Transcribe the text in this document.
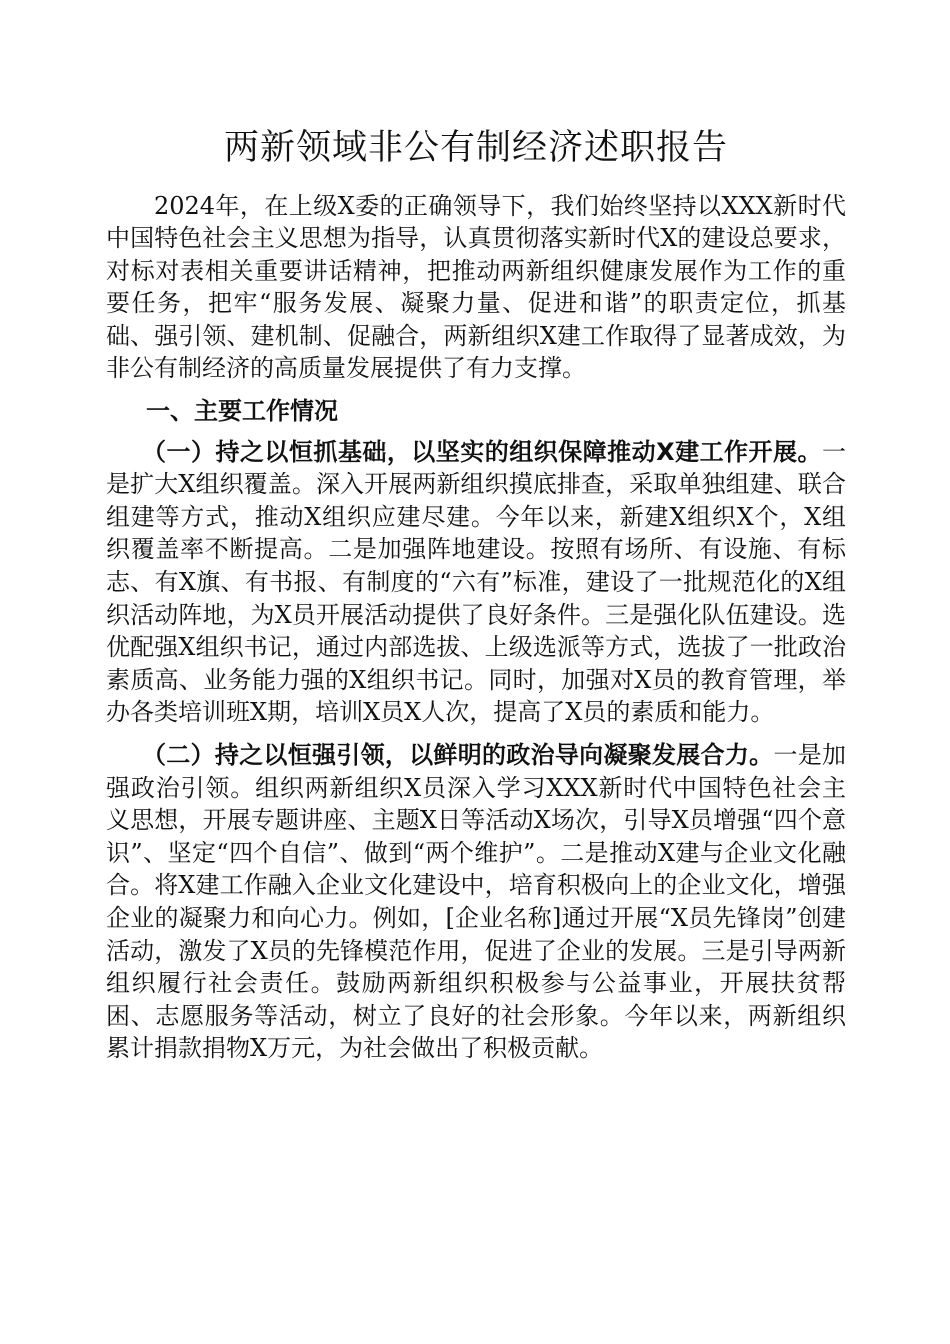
两新领域非公有制经济述职报告

2024年，在上级X委的正确领导下，我们始终坚持以XXX新时代中国特色社会主义思想为指导，认真贯彻落实新时代X的建设总要求，对标对表相关重要讲话精神，把推动两新组织健康发展作为工作的重要任务，把牢“服务发展、凝聚力量、促进和谐”的职责定位，抓基础、强引领、建机制、促融合，两新组织X建工作取得了显著成效，为非公有制经济的高质量发展提供了有力支撑。

一、主要工作情况

（一）持之以恒抓基础，以坚实的组织保障推动X建工作开展。一是扩大X组织覆盖。深入开展两新组织摸底排查，采取单独组建、联合组建等方式，推动X组织应建尽建。今年以来，新建X组织X个，X组织覆盖率不断提高。二是加强阵地建设。按照有场所、有设施、有标志、有X旗、有书报、有制度的“六有”标准，建设了一批规范化的X组织活动阵地，为X员开展活动提供了良好条件。三是强化队伍建设。选优配强X组织书记，通过内部选拔、上级选派等方式，选拔了一批政治素质高、业务能力强的X组织书记。同时，加强对X员的教育管理，举办各类培训班X期，培训X员X人次，提高了X员的素质和能力。

（二）持之以恒强引领，以鲜明的政治导向凝聚发展合力。一是加强政治引领。组织两新组织X员深入学习XXX新时代中国特色社会主义思想，开展专题讲座、主题X日等活动X场次，引导X员增强“四个意识”、坚定“四个自信”、做到“两个维护”。二是推动X建与企业文化融合。将X建工作融入企业文化建设中，培育积极向上的企业文化，增强企业的凝聚力和向心力。例如，[企业名称]通过开展“X员先锋岗”创建活动，激发了X员的先锋模范作用，促进了企业的发展。三是引导两新组织履行社会责任。鼓励两新组织积极参与公益事业，开展扶贫帮困、志愿服务等活动，树立了良好的社会形象。今年以来，两新组织累计捐款捐物X万元，为社会做出了积极贡献。
